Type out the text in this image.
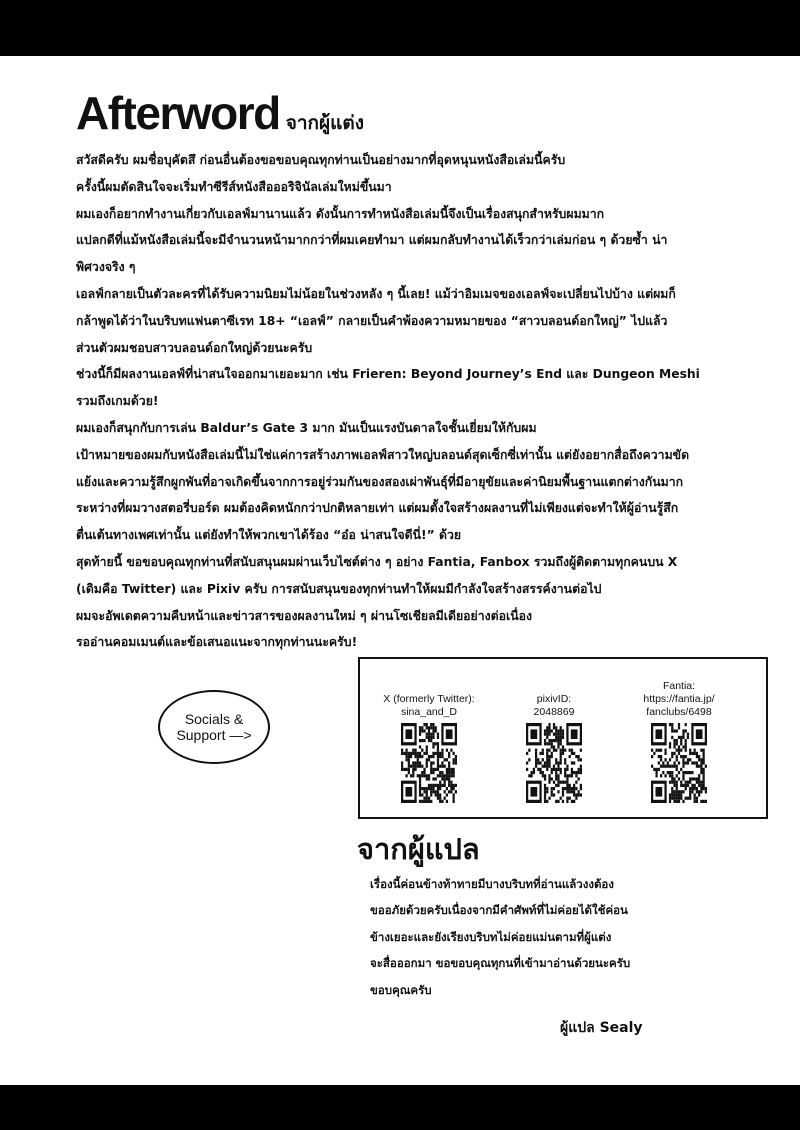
Afterword จากผู้แต่ง

สวัสดีครับ ผมชื่อบุคัตสึ ก่อนอื่นต้องขอขอบคุณทุกท่านเป็นอย่างมากที่อุดหนุนหนังสือเล่มนี้ครับ

ครั้งนี้ผมตัดสินใจจะเริ่มทำซีรีส์หนังสือออริจินัลเล่มใหม่ขึ้นมา

ผมเองก็อยากทำงานเกี่ยวกับเอลฟ์มานานแล้ว ดังนั้นการทำหนังสือเล่มนี้จึงเป็นเรื่องสนุกสำหรับผมมาก

แปลกดีที่แม้หนังสือเล่มนี้จะมีจำนวนหน้ามากกว่าที่ผมเคยทำมา แต่ผมกลับทำงานได้เร็วกว่าเล่มก่อน ๆ ด้วยซ้ำ น่า

พิศวงจริง ๆ

เอลฟ์กลายเป็นตัวละครที่ได้รับความนิยมไม่น้อยในช่วงหลัง ๆ นี้เลย! แม้ว่าอิมเมจของเอลฟ์จะเปลี่ยนไปบ้าง แต่ผมก็

กล้าพูดได้ว่าในบริบทแฟนตาซีเรท 18+ “เอลฟ์” กลายเป็นคำพ้องความหมายของ “สาวบลอนด์อกใหญ่” ไปแล้ว

ส่วนตัวผมชอบสาวบลอนด์อกใหญ่ด้วยนะครับ

ช่วงนี้ก็มีผลงานเอลฟ์ที่น่าสนใจออกมาเยอะมาก เช่น Frieren: Beyond Journey’s End และ Dungeon Meshi

รวมถึงเกมด้วย!

ผมเองก็สนุกกับการเล่น Baldur’s Gate 3 มาก มันเป็นแรงบันดาลใจชั้นเยี่ยมให้กับผม

เป้าหมายของผมกับหนังสือเล่มนี้ไม่ใช่แค่การสร้างภาพเอลฟ์สาวใหญ่บลอนด์สุดเซ็กซี่เท่านั้น แต่ยังอยากสื่อถึงความขัด

แย้งและความรู้สึกผูกพันที่อาจเกิดขึ้นจากการอยู่ร่วมกันของสองเผ่าพันธุ์ที่มีอายุขัยและค่านิยมพื้นฐานแตกต่างกันมาก

ระหว่างที่ผมวางสตอรี่บอร์ด ผมต้องคิดหนักกว่าปกติหลายเท่า แต่ผมตั้งใจสร้างผลงานที่ไม่เพียงแต่จะทำให้ผู้อ่านรู้สึก

ตื่นเต้นทางเพศเท่านั้น แต่ยังทำให้พวกเขาได้ร้อง “อ๋อ น่าสนใจดีนี่!” ด้วย

สุดท้ายนี้ ขอขอบคุณทุกท่านที่สนับสนุนผมผ่านเว็บไซต์ต่าง ๆ อย่าง Fantia, Fanbox รวมถึงผู้ติดตามทุกคนบน X

(เดิมคือ Twitter) และ Pixiv ครับ การสนับสนุนของทุกท่านทำให้ผมมีกำลังใจสร้างสรรค์งานต่อไป

ผมจะอัพเดตความคืบหน้าและข่าวสารของผลงานใหม่ ๆ ผ่านโซเชียลมีเดียอย่างต่อเนื่อง

รออ่านคอมเมนต์และข้อเสนอแนะจากทุกท่านนะครับ!

Socials &
Support —>
X (formerly Twitter):
sina_and_D
pixivID:
2048869
Fantia:
https://fantia.jp/
fanclubs/6498
จากผู้แปล

เรื่องนี้ค่อนข้างท้าทายมีบางบริบทที่อ่านแล้วงงต้อง

ขออภัยด้วยครับเนื่องจากมีคำศัพท์ที่ไม่ค่อยได้ใช้ค่อน

ข้างเยอะและยังเรียงบริบทไม่ค่อยแม่นตามที่ผู้แต่ง

จะสื่อออกมา ขอขอบคุณทุกนที่เข้ามาอ่านด้วยนะครับ

ขอบคุณครับ

ผู้แปล Sealy
